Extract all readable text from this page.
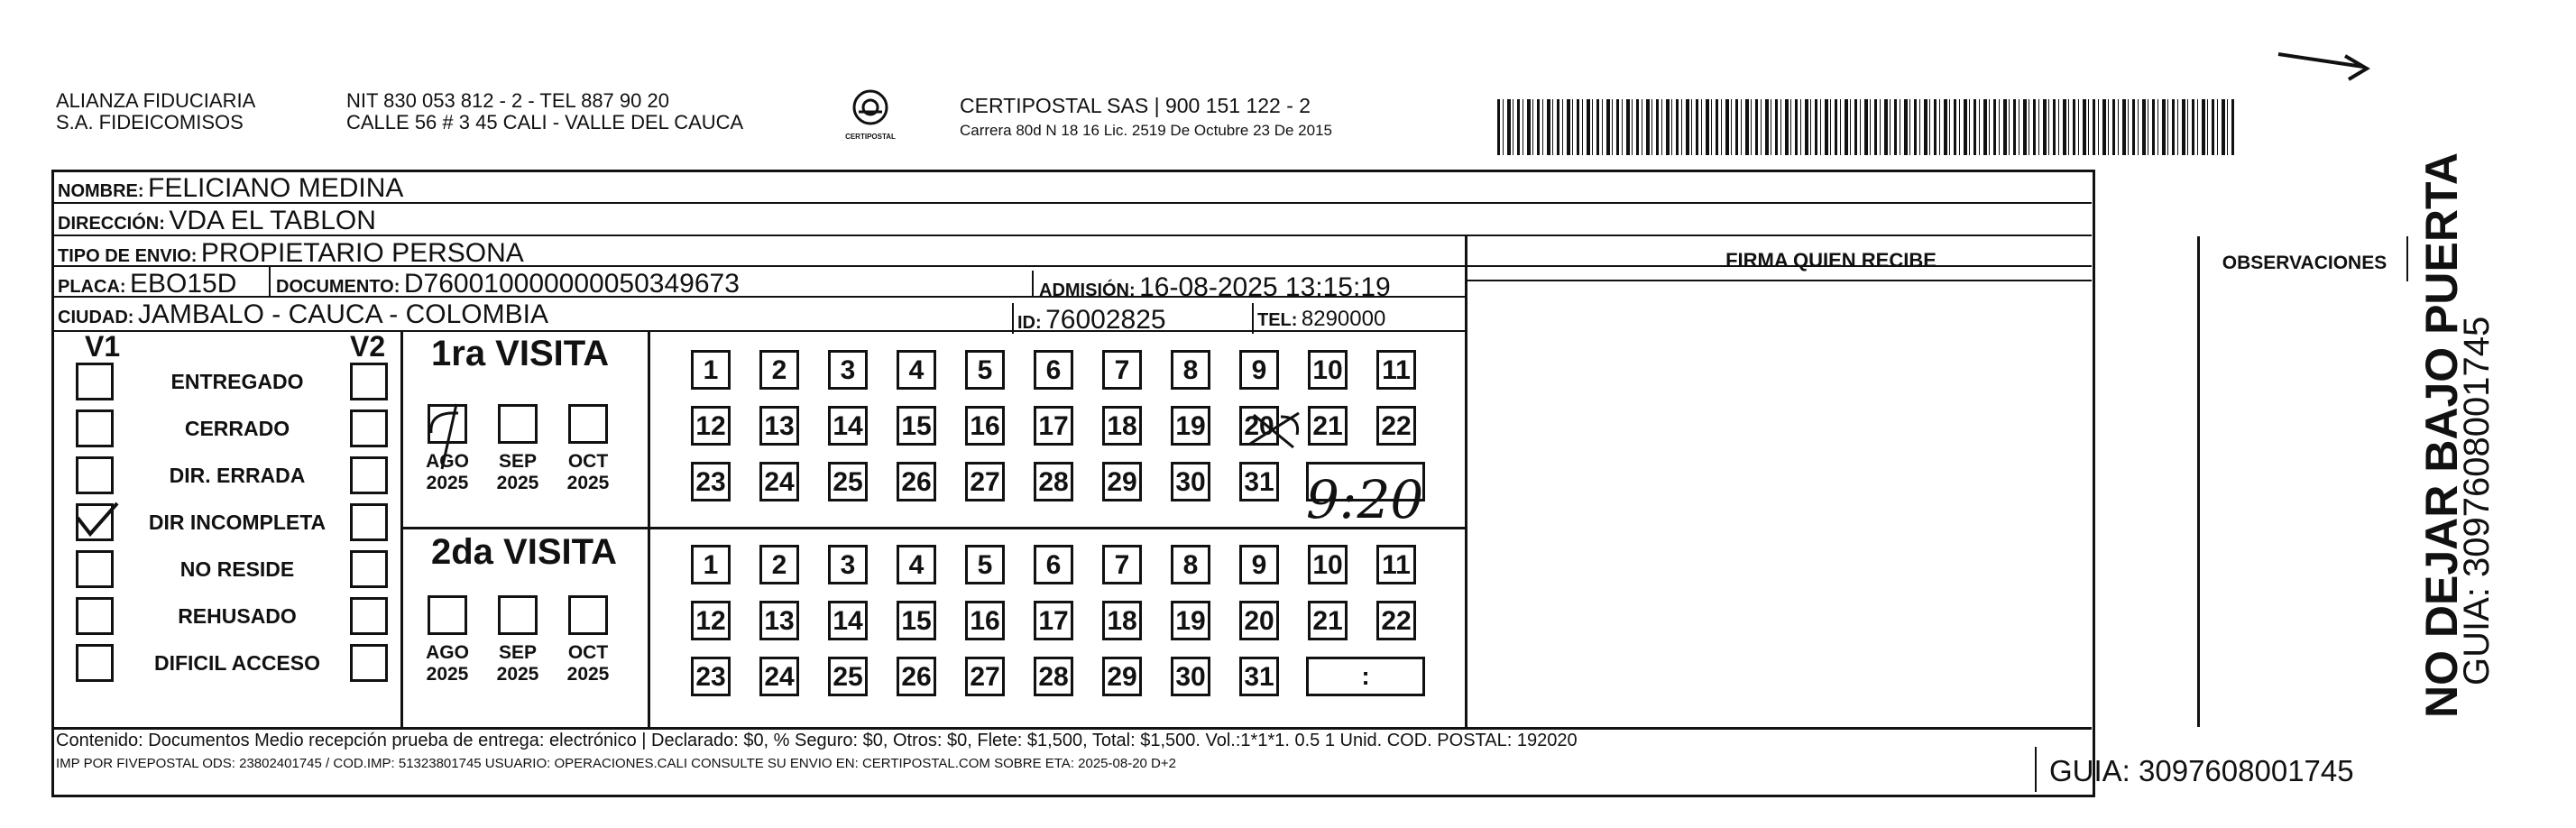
ALIANZA FIDUCIARIA
S.A. FIDEICOMISOS
NIT 830 053 812 - 2 - TEL 887 90 20
CALLE 56 # 3 45 CALI - VALLE DEL CAUCA
CERTIPOSTAL
CERTIPOSTAL SAS | 900 151 122 - 2
Carrera 80d N 18 16 Lic. 2519 De Octubre 23 De 2015
NOMBRE: FELICIANO MEDINA
DIRECCIÓN: VDA EL TABLON
TIPO DE ENVIO: PROPIETARIO PERSONA
PLACA: EBO15D DOCUMENTO: D760010000000050349673	ADMISIÓN: 16-08-2025 13:15:19
CIUDAD: JAMBALO - CAUCA - COLOMBIA	ID: 76002825	TEL: 8290000
FIRMA QUIEN RECIBE	OBSERVACIONES
V1	V2
ENTREGADO
CERRADO
DIR. ERRADA
DIR INCOMPLETA
NO RESIDE
REHUSADO
DIFICIL ACCESO
1ra VISITA
2da VISITA
AGO
2025
SEP
2025
OCT
2025
1	2	3	4	5	6	7	8	9	10 11
12 13 14 15 16 17 18 19 20 21 22
23 24 25 26 27 28 29 30 31
AGO
2025
SEP
2025
OCT
2025
1	2	3	4	5	6	7	8	9	10 11
12 13 14 15 16 17 18 19 20 21 22
23 24 25 26 27 28 29 30 31	:
9:20
Contenido: Documentos Medio recepción prueba de entrega: electrónico | Declarado: $0, % Seguro: $0, Otros: $0, Flete: $1,500, Total: $1,500. Vol.:1*1*1. 0.5 1 Unid. COD. POSTAL: 192020
IMP POR FIVEPOSTAL ODS: 23802401745 / COD.IMP: 51323801745 USUARIO: OPERACIONES.CALI CONSULTE SU ENVIO EN: CERTIPOSTAL.COM SOBRE ETA: 2025-08-20 D+2	GUIA: 3097608001745
NO DEJAR BAJO PUERTA
GUIA: 3097608001745
